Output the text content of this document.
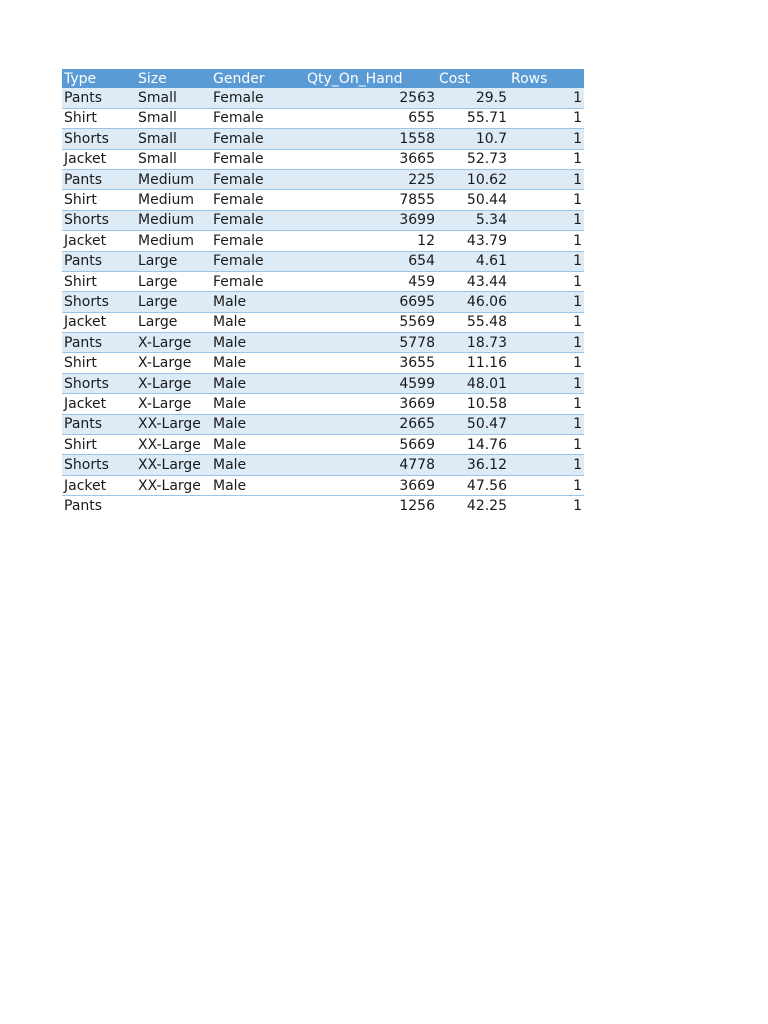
Type	Size	Gender	Qty_On_Hand	Cost	Rows
Pants	Small	Female	2563	29.5	1
Shirt	Small	Female	655	55.71	1
Shorts	Small	Female	1558	10.7	1
Jacket	Small	Female	3665	52.73	1
Pants	Medium	Female	225	10.62	1
Shirt	Medium	Female	7855	50.44	1
Shorts	Medium	Female	3699	5.34	1
Jacket	Medium	Female	12	43.79	1
Pants	Large	Female	654	4.61	1
Shirt	Large	Female	459	43.44	1
Shorts	Large	Male	6695	46.06	1
Jacket	Large	Male	5569	55.48	1
Pants	X-Large	Male	5778	18.73	1
Shirt	X-Large	Male	3655	11.16	1
Shorts	X-Large	Male	4599	48.01	1
Jacket	X-Large	Male	3669	10.58	1
Pants	XX-Large	Male	2665	50.47	1
Shirt	XX-Large	Male	5669	14.76	1
Shorts	XX-Large	Male	4778	36.12	1
Jacket	XX-Large	Male	3669	47.56	1
Pants			1256	42.25	1
